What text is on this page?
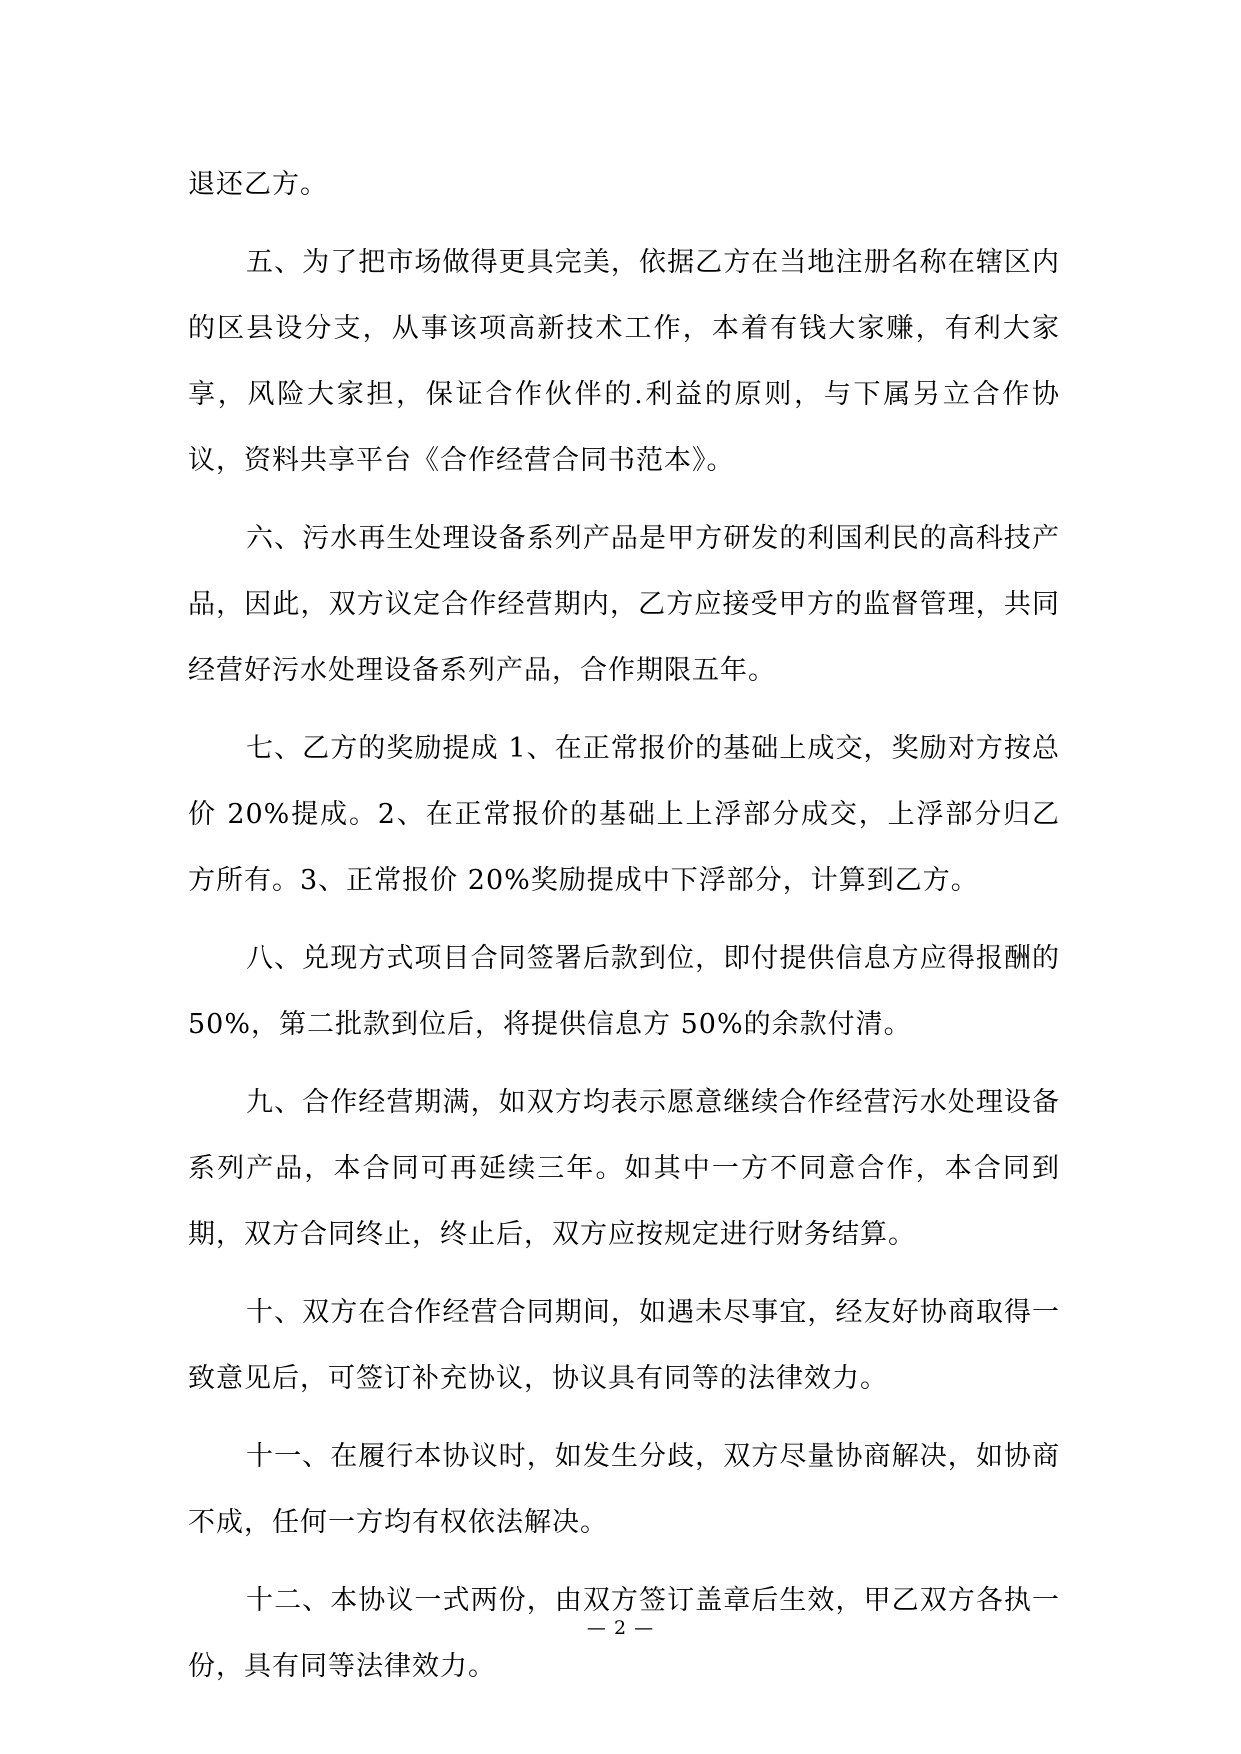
退还乙方。

五、为了把市场做得更具完美，依据乙方在当地注册名称在辖区内的区县设分支，从事该项高新技术工作，本着有钱大家赚，有利大家享，风险大家担，保证合作伙伴的.利益的原则，与下属另立合作协议，资料共享平台《合作经营合同书范本》。

六、污水再生处理设备系列产品是甲方研发的利国利民的高科技产品，因此，双方议定合作经营期内，乙方应接受甲方的监督管理，共同经营好污水处理设备系列产品，合作期限五年。

七、乙方的奖励提成 1、在正常报价的基础上成交，奖励对方按总价 20%提成。2、在正常报价的基础上上浮部分成交，上浮部分归乙方所有。3、正常报价 20%奖励提成中下浮部分，计算到乙方。

八、兑现方式项目合同签署后款到位，即付提供信息方应得报酬的 50%，第二批款到位后，将提供信息方 50%的余款付清。

九、合作经营期满，如双方均表示愿意继续合作经营污水处理设备系列产品，本合同可再延续三年。如其中一方不同意合作，本合同到期，双方合同终止，终止后，双方应按规定进行财务结算。

十、双方在合作经营合同期间，如遇未尽事宜，经友好协商取得一致意见后，可签订补充协议，协议具有同等的法律效力。

十一、在履行本协议时，如发生分歧，双方尽量协商解决，如协商不成，任何一方均有权依法解决。

十二、本协议一式两份，由双方签订盖章后生效，甲乙双方各执一份，具有同等法律效力。

— 2 —
